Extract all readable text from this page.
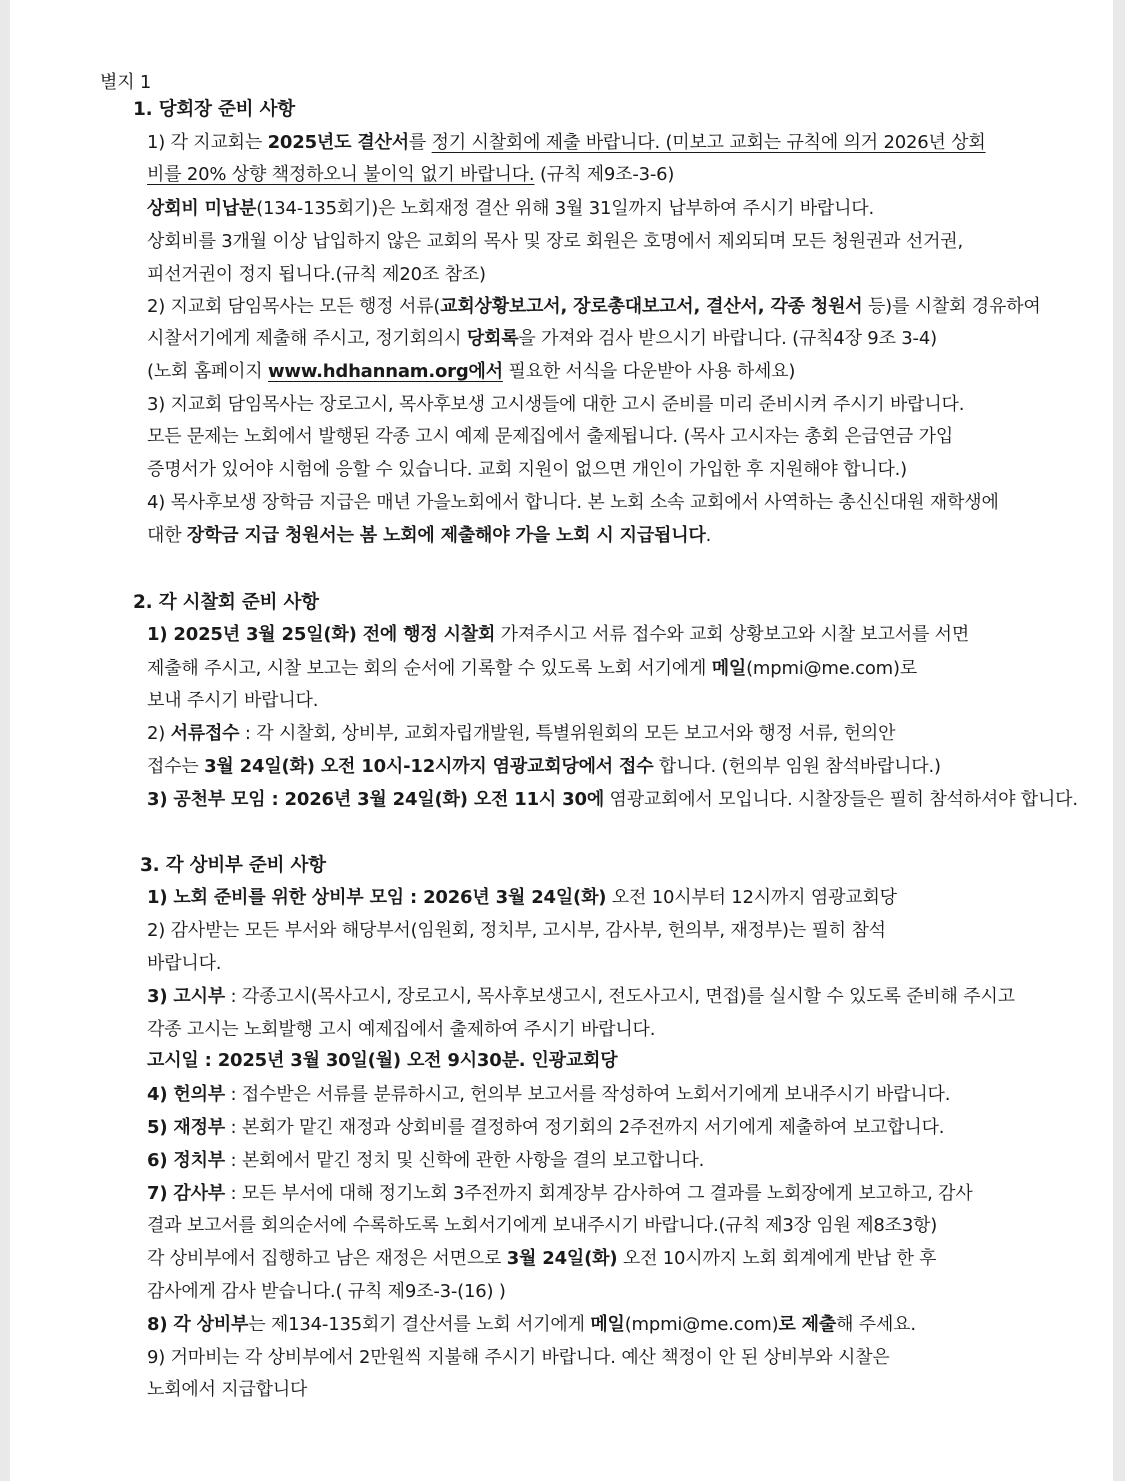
별지 1
1. 당회장 준비 사항
1) 각 지교회는 2025년도 결산서를 정기 시찰회에 제출 바랍니다. (미보고 교회는 규칙에 의거 2026년 상회
비를 20% 상향 책정하오니 불이익 없기 바랍니다. (규칙 제9조-3-6)
상회비 미납분(134-135회기)은 노회재정 결산 위해 3월 31일까지 납부하여 주시기 바랍니다.
상회비를 3개월 이상 납입하지 않은 교회의 목사 및 장로 회원은 호명에서 제외되며 모든 청원권과 선거권,
피선거권이 정지 됩니다.(규칙 제20조 참조)
2) 지교회 담임목사는 모든 행정 서류(교회상황보고서, 장로총대보고서, 결산서, 각종 청원서 등)를 시찰회 경유하여
시찰서기에게 제출해 주시고, 정기회의시 당회록을 가져와 검사 받으시기 바랍니다. (규칙4장 9조 3-4)
(노회 홈페이지 www.hdhannam.org에서 필요한 서식을 다운받아 사용 하세요)
3) 지교회 담임목사는 장로고시, 목사후보생 고시생들에 대한 고시 준비를 미리 준비시켜 주시기 바랍니다.
모든 문제는 노회에서 발행된 각종 고시 예제 문제집에서 출제됩니다. (목사 고시자는 총회 은급연금 가입
증명서가 있어야 시험에 응할 수 있습니다. 교회 지원이 없으면 개인이 가입한 후 지원해야 합니다.)
4) 목사후보생 장학금 지급은 매년 가을노회에서 합니다. 본 노회 소속 교회에서 사역하는 총신신대원 재학생에
대한 장학금 지급 청원서는 봄 노회에 제출해야 가을 노회 시 지급됩니다.
2. 각 시찰회 준비 사항
1) 2025년 3월 25일(화) 전에 행정 시찰회 가져주시고 서류 접수와 교회 상황보고와 시찰 보고서를 서면
제출해 주시고, 시찰 보고는 회의 순서에 기록할 수 있도록 노회 서기에게 메일(mpmi@me.com)로
보내 주시기 바랍니다.
2) 서류접수 : 각 시찰회, 상비부, 교회자립개발원, 특별위원회의 모든 보고서와 행정 서류, 헌의안
접수는 3월 24일(화) 오전 10시-12시까지 염광교회당에서 접수 합니다. (헌의부 임원 참석바랍니다.)
3) 공천부 모임 : 2026년 3월 24일(화) 오전 11시 30에 염광교회에서 모입니다. 시찰장들은 필히 참석하셔야 합니다.
3. 각 상비부 준비 사항
1) 노회 준비를 위한 상비부 모임 : 2026년 3월 24일(화) 오전 10시부터 12시까지 염광교회당
2) 감사받는 모든 부서와 해당부서(임원회, 정치부, 고시부, 감사부, 헌의부, 재정부)는 필히 참석
바랍니다.
3) 고시부 : 각종고시(목사고시, 장로고시, 목사후보생고시, 전도사고시, 면접)를 실시할 수 있도록 준비해 주시고
각종 고시는 노회발행 고시 예제집에서 출제하여 주시기 바랍니다.
고시일 : 2025년 3월 30일(월) 오전 9시30분. 인광교회당
4) 헌의부 : 접수받은 서류를 분류하시고, 헌의부 보고서를 작성하여 노회서기에게 보내주시기 바랍니다.
5) 재정부 : 본회가 맡긴 재정과 상회비를 결정하여 정기회의 2주전까지 서기에게 제출하여 보고합니다.
6) 정치부 : 본회에서 맡긴 정치 및 신학에 관한 사항을 결의 보고합니다.
7) 감사부 : 모든 부서에 대해 정기노회 3주전까지 회계장부 감사하여 그 결과를 노회장에게 보고하고, 감사
결과 보고서를 회의순서에 수록하도록 노회서기에게 보내주시기 바랍니다.(규칙 제3장 임원 제8조3항)
각 상비부에서 집행하고 남은 재정은 서면으로 3월 24일(화) 오전 10시까지 노회 회계에게 반납 한 후
감사에게 감사 받습니다.( 규칙 제9조-3-(16) )
8) 각 상비부는 제134-135회기 결산서를 노회 서기에게 메일(mpmi@me.com)로 제출해 주세요.
9) 거마비는 각 상비부에서 2만원씩 지불해 주시기 바랍니다. 예산 책정이 안 된 상비부와 시찰은
노회에서 지급합니다
